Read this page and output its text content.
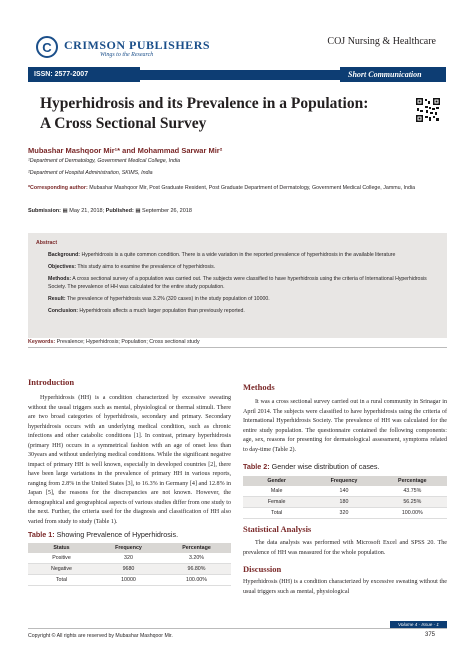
C	CRIMSON PUBLISHERS
Wings to the Research
COJ Nursing & Healthcare
ISSN: 2577-2007	Short Communication
Hyperhidrosis and its Prevalence in a Population:
A Cross Sectional Survey
Mubashar Mashqoor Mir¹* and Mohammad Sarwar Mir²
¹Department of Dermatology, Government Medical College, India
²Department of Hospital Administration, SKIMS, India
*Corresponding author: Mubashar Mashqoor Mir, Post Graduate Resident, Post Graduate Department of Dermatology, Government Medical College, Jammu, India
Submission: ▦ May 21, 2018; Published: ▦ September 26, 2018
Abstract

Background: Hyperhidrosis is a quite common condition. There is a wide variation in the reported prevalence of hyperhidrosis in the available literature

Objectives: This study aims to examine the prevalence of hyperhidrosis.

Methods: A cross sectional survey of a population was carried out. The subjects were classified to have hyperhidrosis using the criteria of International Hyperhidrosis Society. The prevalence of HH was calculated for the entire study population.

Result: The prevalence of hyperhidrosis was 3.2% (320 cases) in the study population of 10000.

Conclusion: Hyperhidrosis affects a much larger population than previously reported.

Keywords: Prevalence; Hyperhidrosis; Population; Cross sectional study
Introduction
Hyperhidrosis (HH) is a condition characterized by excessive sweating without the usual triggers such as mental, physiological or thermal stimuli. There are two broad categories of hyperhidrosis, secondary and primary. Secondary hyperhidrosis occurs with an underlying medical condition, such as chronic infections and other catabolic conditions [1]. In contrast, primary hyperhidrosis (primary HH) occurs in a symmetrical fashion with an age of onset less than 30years and without underlying medical conditions. While the significant negative impact of primary HH is well known, especially in developed countries [2], there have been large variations in the prevalence of primary HH in various reports, ranging from 2.8% in the United States [3], to 16.3% in Germany [4] and 12.8% in Japan [5], the reasons for the discrepancies are not known. However, the demographical and geographical aspects of various studies differ from one study to the next. Further, the criteria used for the diagnosis and classification of HH also varied from study to study (Table 1).
Table 1: Showing Prevalence of Hyperhidrosis.
Status	Frequency	Percentage
Positive	320	3.20%
Negative	9680	96.80%
Total	10000	100.00%
Methods
It was a cross sectional survey carried out in a rural community in Srinagar in April 2014. The subjects were classified to have hyperhidrosis using the criteria of International Hyperhidrosis Society. The prevalence of HH was calculated for the entire study population. The questionnaire contained the following components: age, sex, reasons for presenting for dermatological assessment, symptoms related to day-time (Table 2).
Table 2: Gender wise distribution of cases.
Gender	Frequency	Percentage
Male	140	43.75%
Female	180	56.25%
Total	320	100.00%
Statistical Analysis
The data analysis was performed with Microsoft Excel and SPSS 20. The prevalence of HH was measured for the whole population.
Discussion
Hyperhidrosis (HH) is a condition characterized by excessive sweating without the usual triggers such as mental, physiological
Volume 4 - Issue - 1
Copyright © All rights are reserved by Mubashar Mashqoor Mir.	375
